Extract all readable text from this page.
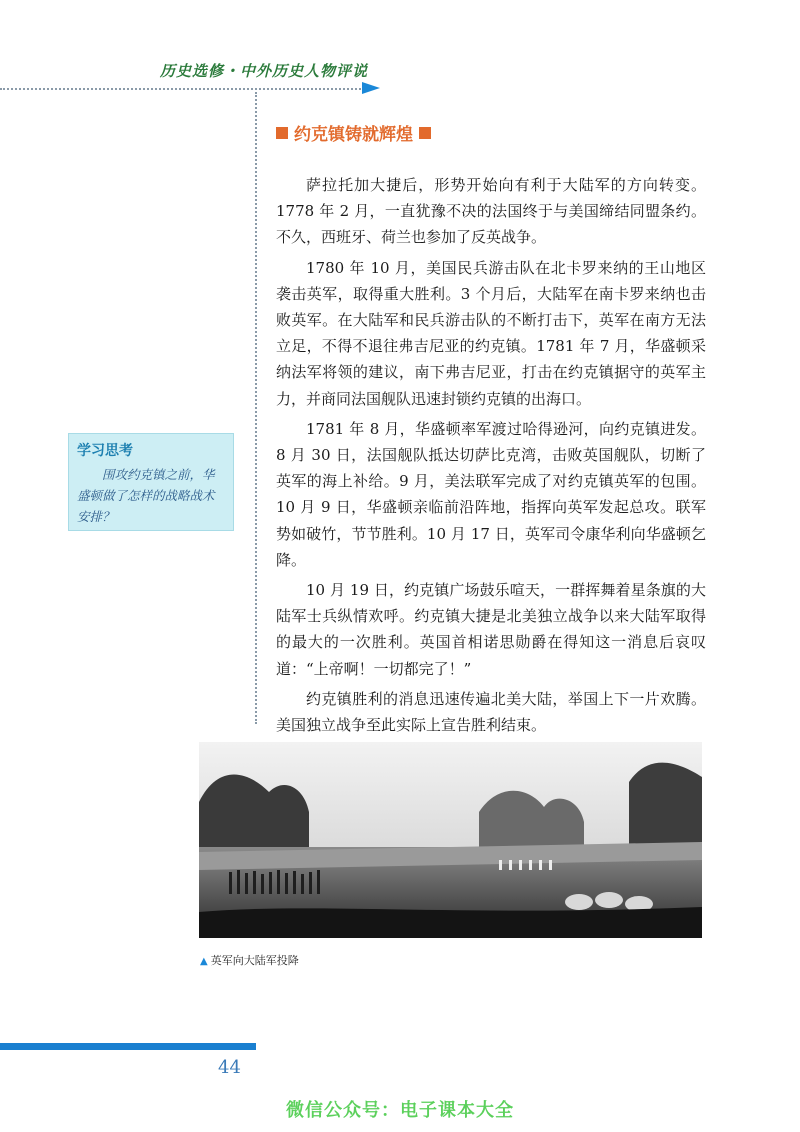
历史选修・中外历史人物评说
约克镇铸就辉煌

萨拉托加大捷后，形势开始向有利于大陆军的方向转变。1778 年 2 月，一直犹豫不决的法国终于与美国缔结同盟条约。不久，西班牙、荷兰也参加了反英战争。

1780 年 10 月，美国民兵游击队在北卡罗来纳的王山地区袭击英军，取得重大胜利。3 个月后，大陆军在南卡罗来纳也击败英军。在大陆军和民兵游击队的不断打击下，英军在南方无法立足，不得不退往弗吉尼亚的约克镇。1781 年 7 月，华盛顿采纳法军将领的建议，南下弗吉尼亚，打击在约克镇据守的英军主力，并商同法国舰队迅速封锁约克镇的出海口。

1781 年 8 月，华盛顿率军渡过哈得逊河，向约克镇进发。8 月 30 日，法国舰队抵达切萨比克湾，击败英国舰队，切断了英军的海上补给。9 月，美法联军完成了对约克镇英军的包围。10 月 9 日，华盛顿亲临前沿阵地，指挥向英军发起总攻。联军势如破竹，节节胜利。10 月 17 日，英军司令康华利向华盛顿乞降。

10 月 19 日，约克镇广场鼓乐喧天，一群挥舞着星条旗的大陆军士兵纵情欢呼。约克镇大捷是北美独立战争以来大陆军取得的最大的一次胜利。英国首相诺思勋爵在得知这一消息后哀叹道：“上帝啊！一切都完了！”

约克镇胜利的消息迅速传遍北美大陆，举国上下一片欢腾。美国独立战争至此实际上宣告胜利结束。

学习思考
围攻约克镇之前，华盛顿做了怎样的战略战术安排？
▲ 英军向大陆军投降
44
微信公众号：电子课本大全
